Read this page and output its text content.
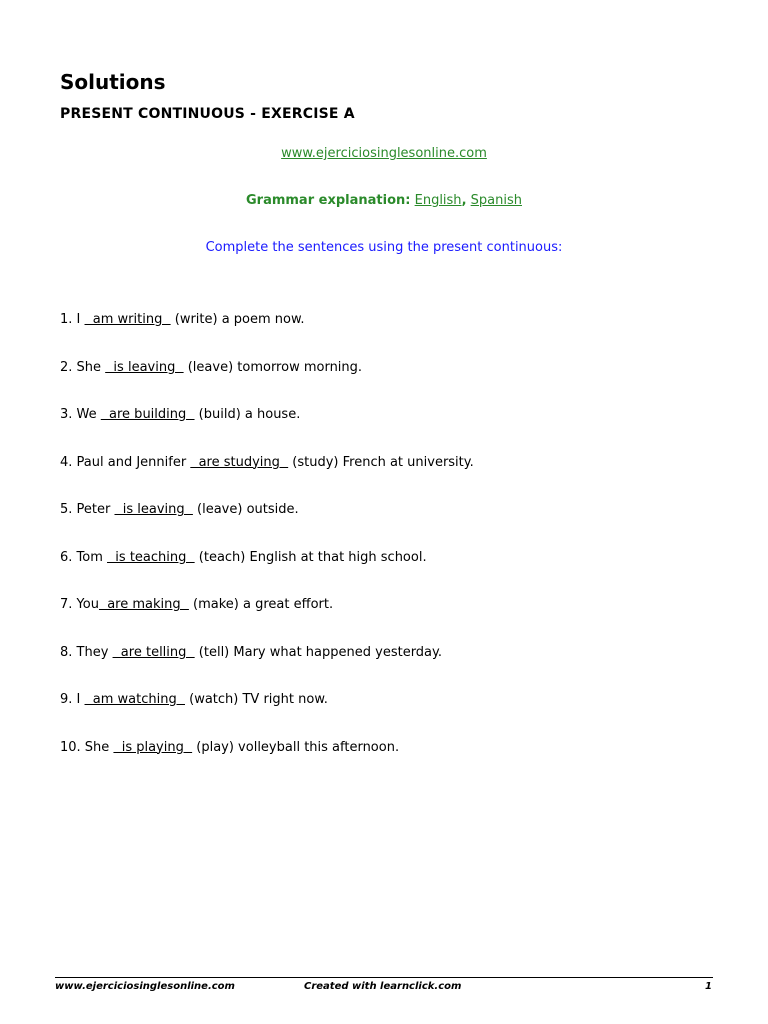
Solutions
PRESENT CONTINUOUS - EXERCISE A
www.ejerciciosinglesonline.com
Grammar explanation: English, Spanish
Complete the sentences using the present continuous:
1. I   am writing   (write) a poem now.
2. She   is leaving   (leave) tomorrow morning.
3. We   are building   (build) a house.
4. Paul and Jennifer   are studying   (study) French at university.
5. Peter   is leaving   (leave) outside.
6. Tom   is teaching   (teach) English at that high school.
7. You  are making   (make) a great effort.
8. They   are telling   (tell) Mary what happened yesterday.
9. I   am watching   (watch) TV right now.
10. She   is playing   (play) volleyball this afternoon.
www.ejerciciosinglesonline.com	Created with learnclick.com	1
